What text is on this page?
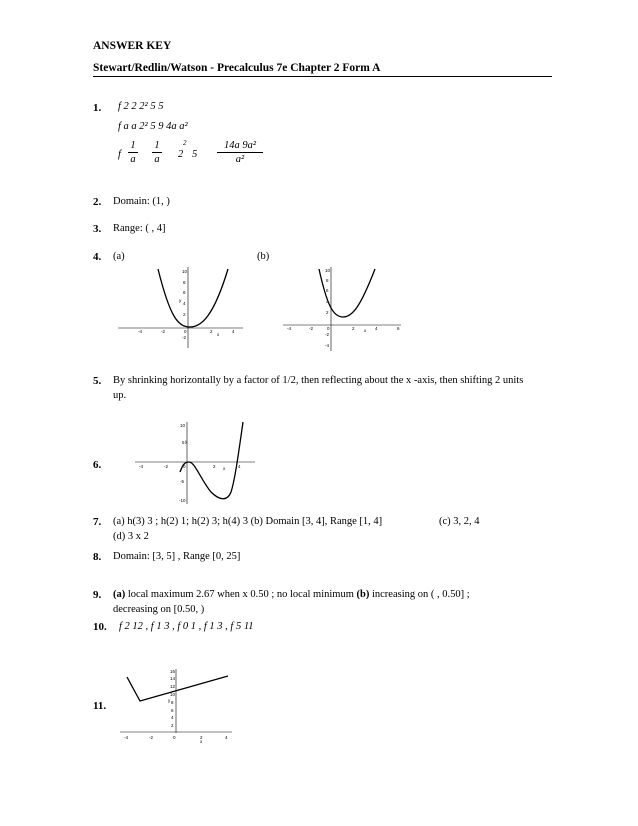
ANSWER KEY
Stewart/Redlin/Watson - Precalculus 7e Chapter 2 Form A
1. f 2 2 2² 5 5
f a a 2² 5 9 4a a²
f
1
a
1
a
2
2 5
14a 9a²
a²
2. Domain: (1, )
3. Range: ( , 4]
4. (a)	(b)
-4	-2	0	2	4
x
10
8
6
4
2
-2
y
-4	-2	0	2	4	6
x
10
8
6
4
2
-2
-4
5. By shrinking horizontally by a factor of 1/2, then reflecting about the x -axis, then shifting 2 units
up.
6.	-4	-2	0	2	4
x
10
5
-5
-10
y
7. (a) h(3) 3 ; h(2) 1; h(2) 3; h(4) 3 (b) Domain [3, 4], Range [1, 4]	(c) 3, 2, 4
(d) 3 x 2
8. Domain: [3, 5] , Range [0, 25]
9. (a) local maximum 2.67 when x 0.50 ; no local minimum (b) increasing on ( , 0.50] ;
decreasing on [0.50, )
10. f 2 12 , f 1 3 , f 0 1 , f 1 3 , f 5 11
11.
-4	-2	0	2	4
x
16
14
12
10
8
6
4
2
y
